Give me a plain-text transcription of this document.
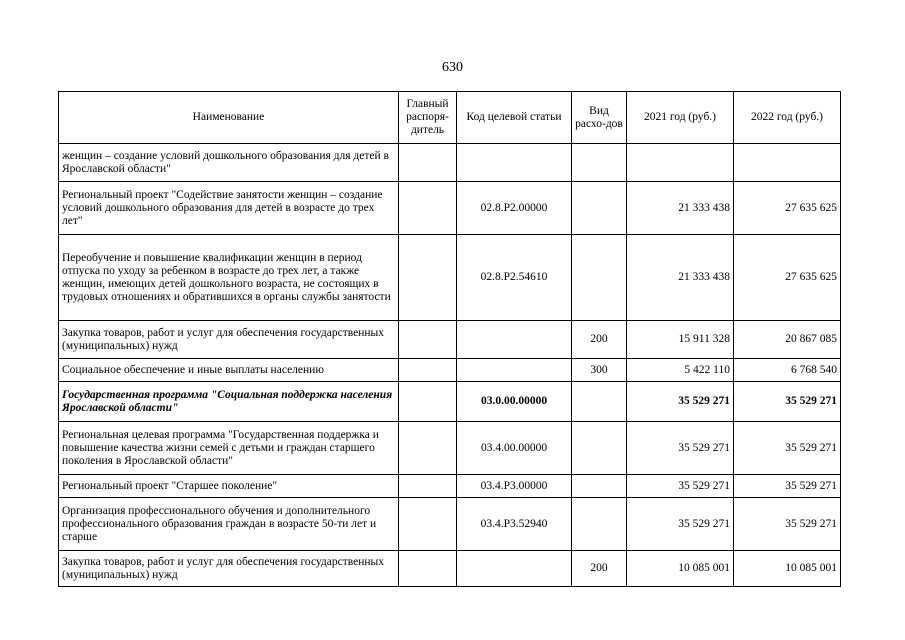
630
Наименование	Главный распоря-дитель	Код целевой статьи	Вид расхо-дов	2021 год (руб.)	2022 год (руб.)
женщин – создание условий дошкольного образования для детей в Ярославской области"					
Региональный проект "Содействие занятости женщин – создание условий дошкольного образования для детей в возрасте до трех лет"		02.8.P2.00000		21 333 438	27 635 625
Переобучение и повышение квалификации женщин в период отпуска по уходу за ребенком в возрасте до трех лет, а также женщин, имеющих детей дошкольного возраста, не состоящих в трудовых отношениях и обратившихся в органы службы занятости		02.8.P2.54610		21 333 438	27 635 625
Закупка товаров, работ и услуг для обеспечения государственных (муниципальных) нужд			200	15 911 328	20 867 085
Социальное обеспечение и иные выплаты населению			300	5 422 110	6 768 540
Государственная программа "Социальная поддержка населения Ярославской области"		03.0.00.00000		35 529 271	35 529 271
Региональная целевая программа "Государственная поддержка и повышение качества жизни семей с детьми и граждан старшего поколения в Ярославской области"		03.4.00.00000		35 529 271	35 529 271
Региональный проект "Старшее поколение"		03.4.P3.00000		35 529 271	35 529 271
Организация профессионального обучения и дополнительного профессионального образования граждан в возрасте 50-ти лет и старше		03.4.P3.52940		35 529 271	35 529 271
Закупка товаров, работ и услуг для обеспечения государственных (муниципальных) нужд			200	10 085 001	10 085 001
